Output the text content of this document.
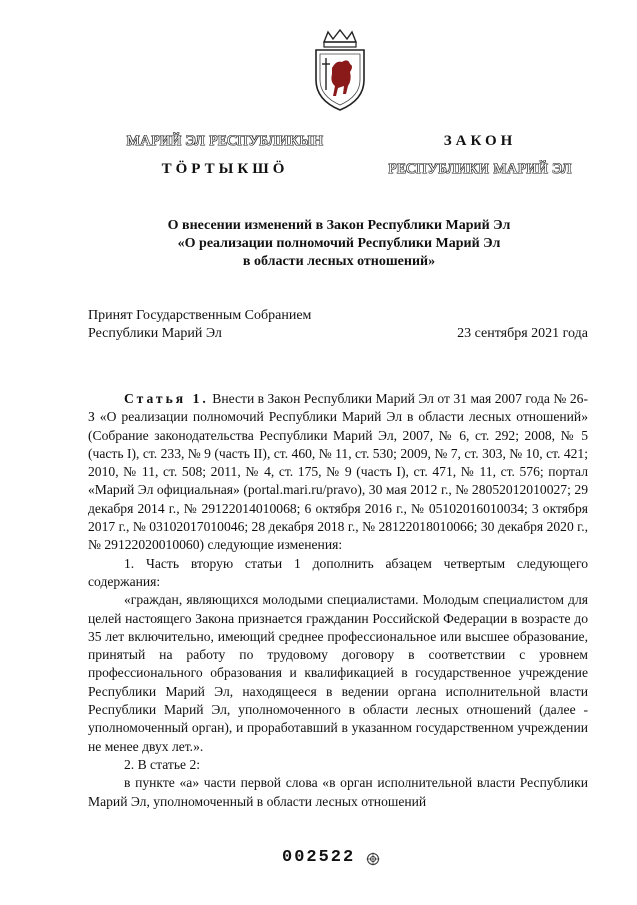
МАРИЙ ЭЛ РЕСПУБЛИКЫН
ТӦРТЫКШӦ
ЗАКОН
РЕСПУБЛИКИ МАРИЙ ЭЛ
О внесении изменений в Закон Республики Марий Эл
«О реализации полномочий Республики Марий Эл
в области лесных отношений»
Принят Государственным Собранием
Республики Марий Эл	23 сентября 2021 года

Статья 1. Внести в Закон Республики Марий Эл от 31 мая 2007 года № 26-З «О реализации полномочий Республики Марий Эл в области лесных отношений» (Собрание законодательства Республики Марий Эл, 2007, № 6, ст. 292; 2008, № 5 (часть I), ст. 233, № 9 (часть II), ст. 460, № 11, ст. 530; 2009, № 7, ст. 303, № 10, ст. 421; 2010, № 11, ст. 508; 2011, № 4, ст. 175, № 9 (часть I), ст. 471, № 11, ст. 576; портал «Марий Эл официальная» (portal.mari.ru/pravo), 30 мая 2012 г., № 28052012010027; 29 декабря 2014 г., № 29122014010068; 6 октября 2016 г., № 05102016010034; 3 октября 2017 г., № 03102017010046; 28 декабря 2018 г., № 28122018010066; 30 декабря 2020 г., № 29122020010060) следующие изменения:

1. Часть вторую статьи 1 дополнить абзацем четвертым следующего содержания:

«граждан, являющихся молодыми специалистами. Молодым специалистом для целей настоящего Закона признается гражданин Российской Федерации в возрасте до 35 лет включительно, имеющий среднее профессиональное или высшее образование, принятый на работу по трудовому договору в соответствии с уровнем профессионального образования и квалификацией в государственное учреждение Республики Марий Эл, находящееся в ведении органа исполнительной власти Республики Марий Эл, уполномоченного в области лесных отношений (далее - уполномоченный орган), и проработавший в указанном государственном учреждении не менее двух лет.».

2. В статье 2:

в пункте «а» части первой слова «в орган исполнительной власти Республики Марий Эл, уполномоченный в области лесных отношений

002522
